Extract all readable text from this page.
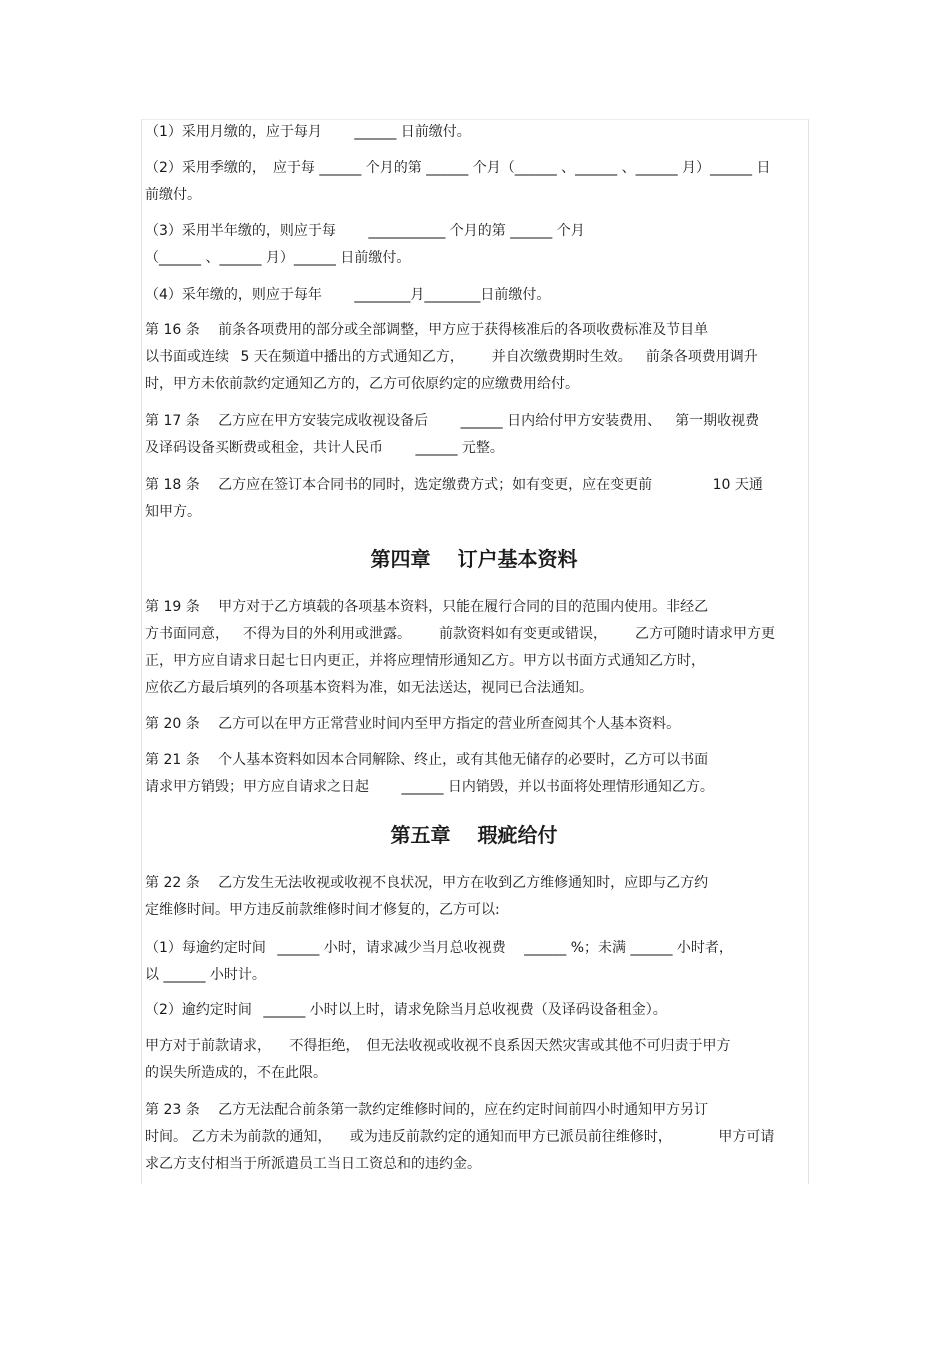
（1）采用月缴的，应于每月   ______ 日前缴付。
（2）采用季缴的， 应于每 ______ 个月的第 ______ 个月（______ 、______ 、______ 月）______ 日
前缴付。
（3）采用半年缴的，则应于每   ___________ 个月的第 ______ 个月
（______ 、______ 月）______ 日前缴付。
（4）采年缴的，则应于每年   ________月________日前缴付。
第 16 条  前条各项费用的部分或全部调整，甲方应于获得核准后的各项收费标准及节目单
以书面或连续  5 天在频道中播出的方式通知乙方，  并自次缴费期时生效。 前条各项费用调升
时，甲方未依前款约定通知乙方的，乙方可依原约定的应缴费用给付。
第 17 条  乙方应在甲方安装完成收视设备后   ______ 日内给付甲方安装费用、 第一期收视费
及译码设备买断费或租金，共计人民币   ______ 元整。
第 18 条  乙方应在签订本合同书的同时，选定缴费方式；如有变更，应在变更前     10 天通
知甲方。
第四章  订户基本资料
第 19 条  甲方对于乙方填载的各项基本资料，只能在履行合同的目的范围内使用。非经乙
方书面同意， 不得为目的外利用或泄露。  前款资料如有变更或错误，  乙方可随时请求甲方更
正，甲方应自请求日起七日内更正，并将应理情形通知乙方。甲方以书面方式通知乙方时，
应依乙方最后填列的各项基本资料为准，如无法送达，视同已合法通知。
第 20 条  乙方可以在甲方正常营业时间内至甲方指定的营业所查阅其个人基本资料。
第 21 条  个人基本资料如因本合同解除、终止，或有其他无储存的必要时，乙方可以书面
请求甲方销毁；甲方应自请求之日起   ______ 日内销毁，并以书面将处理情形通知乙方。
第五章  瑕疵给付
第 22 条  乙方发生无法收视或收视不良状况，甲方在收到乙方维修通知时，应即与乙方约
定维修时间。甲方违反前款维修时间才修复的，乙方可以:
（1）每逾约定时间  ______ 小时，请求减少当月总收视费  ______ %；未满 ______ 小时者，
以 ______ 小时计。
（2）逾约定时间  ______ 小时以上时，请求免除当月总收视费（及译码设备租金）。
甲方对于前款请求，  不得拒绝， 但无法收视或收视不良系因天然灾害或其他不可归责于甲方
的误失所造成的，不在此限。
第 23 条  乙方无法配合前条第一款约定维修时间的，应在约定时间前四小时通知甲方另订
时间。 乙方未为前款的通知，  或为违反前款约定的通知而甲方已派员前往维修时，    甲方可请
求乙方支付相当于所派遣员工当日工资总和的违约金。
